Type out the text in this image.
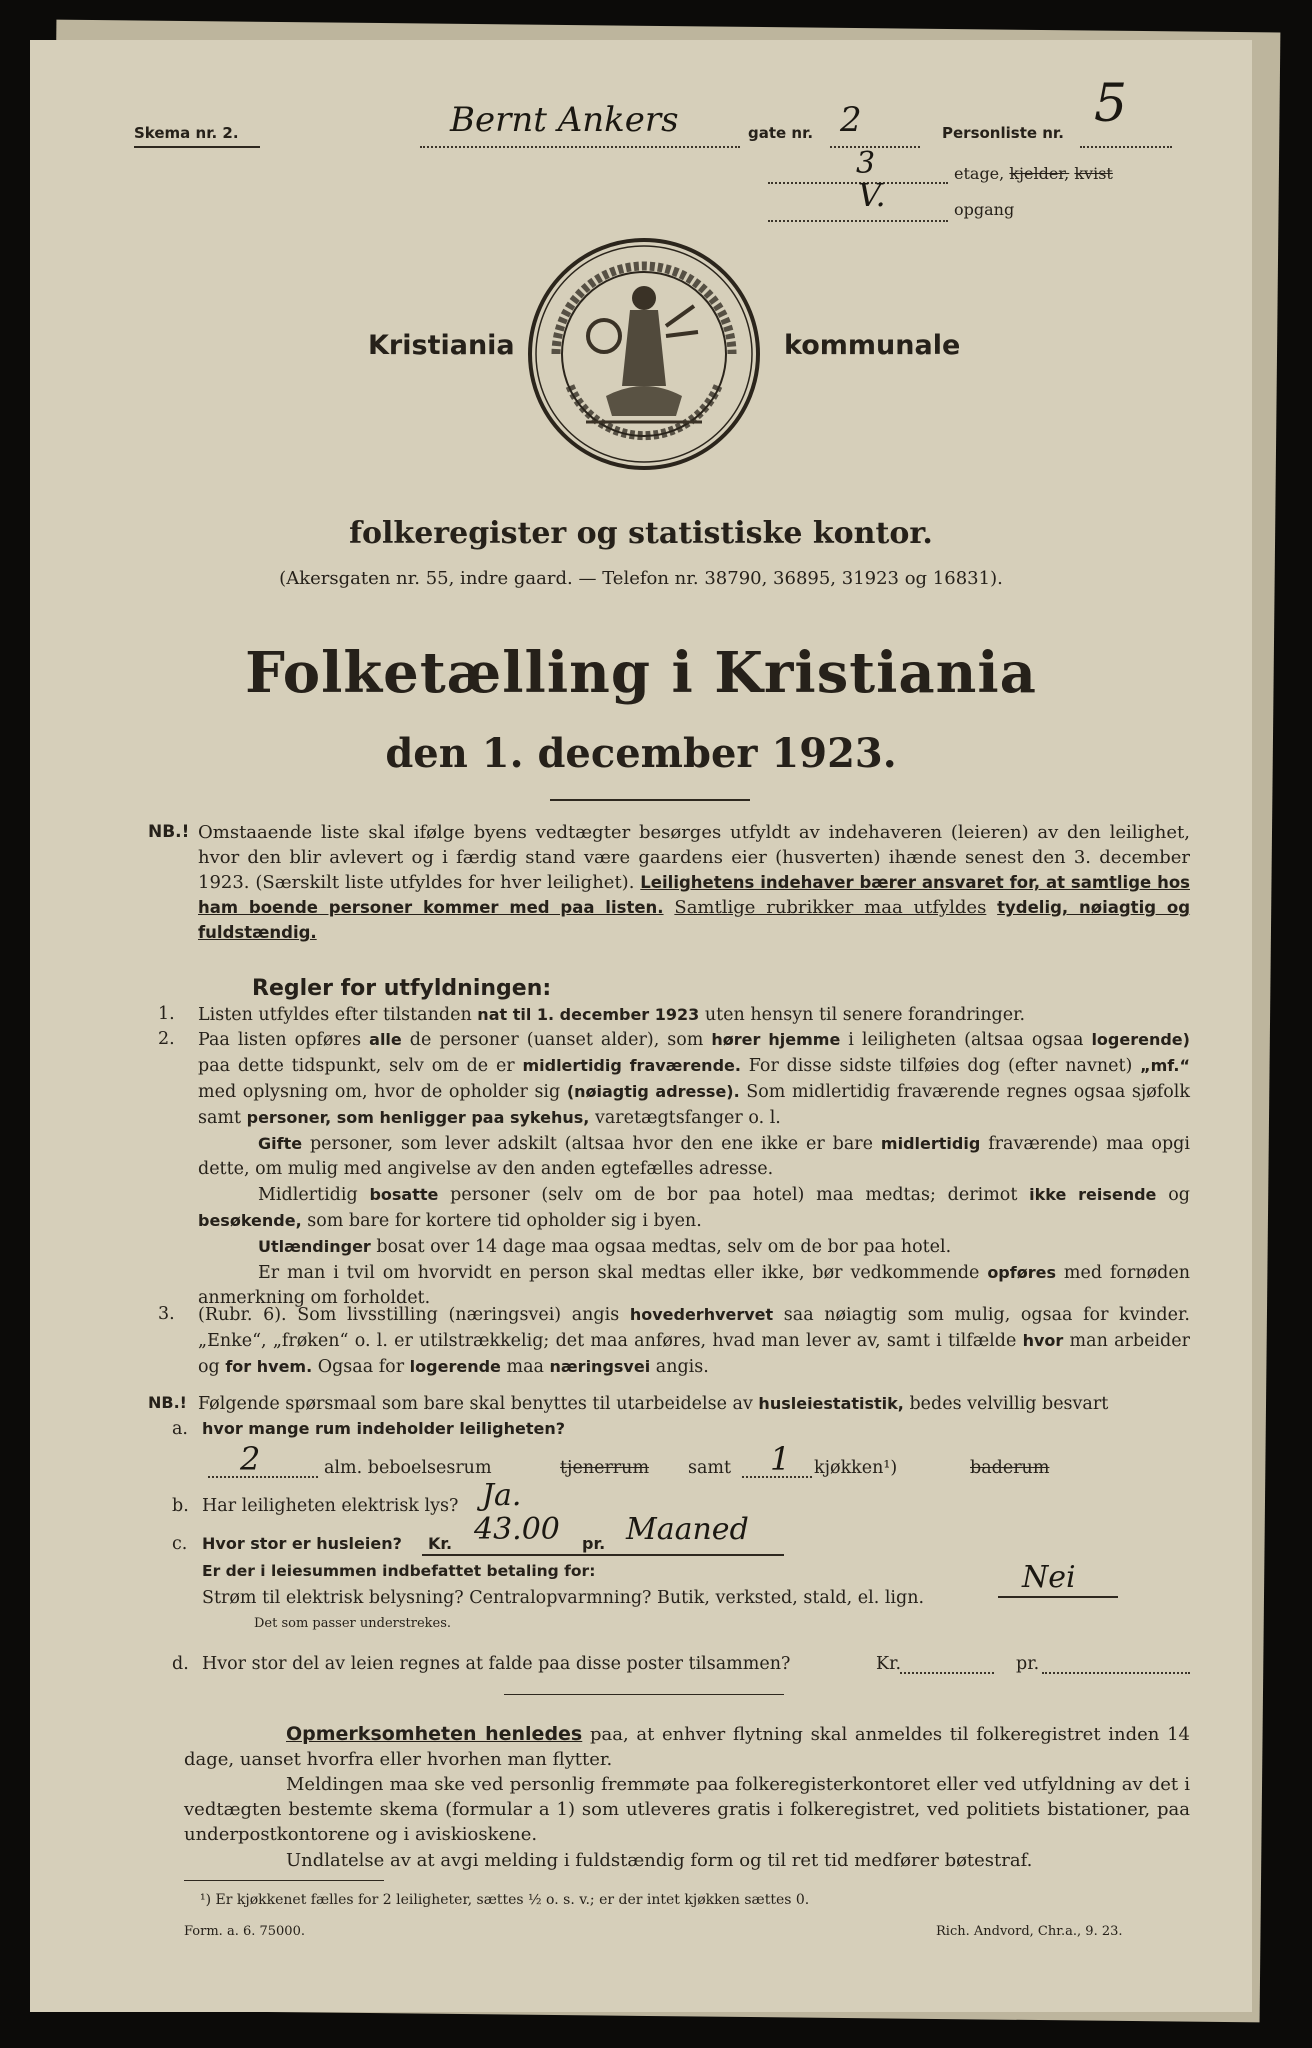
Skema nr. 2.	Bernt Ankers	gate nr. 2	Personliste nr. 5
3	etage, kjelder, kvist
V.	opgang
Kristiania	kommunale
folkeregister og statistiske kontor.
(Akersgaten nr. 55, indre gaard. — Telefon nr. 38790, 36895, 31923 og 16831).
Folketælling i Kristiania
den 1. december 1923.
NB.! Omstaaende liste skal ifølge byens vedtægter besørges utfyldt av indehaveren (leieren) av den leilighet, hvor den blir avlevert og i færdig stand være gaardens eier (husverten) ihænde senest den 3. december 1923. (Særskilt liste utfyldes for hver leilighet). Leilighetens indehaver bærer ansvaret for, at samtlige hos ham boende personer kommer med paa listen. Samtlige rubrikker maa utfyldes tydelig, nøiagtig og fuldstændig.
Regler for utfyldningen:
1. Listen utfyldes efter tilstanden nat til 1. december 1923 uten hensyn til senere forandringer.
2. Paa listen opføres alle de personer (uanset alder), som hører hjemme i leiligheten (altsaa ogsaa logerende) paa dette tidspunkt, selv om de er midlertidig fraværende. For disse sidste tilføies dog (efter navnet) „mf.“ med oplysning om, hvor de opholder sig (nøiagtig adresse). Som midlertidig fraværende regnes ogsaa sjøfolk samt personer, som henligger paa sykehus, varetægtsfanger o. l.
Gifte personer, som lever adskilt (altsaa hvor den ene ikke er bare midlertidig fraværende) maa opgi dette, om mulig med angivelse av den anden egtefælles adresse.
Midlertidig bosatte personer (selv om de bor paa hotel) maa medtas; derimot ikke reisende og besøkende, som bare for kortere tid opholder sig i byen.
Utlændinger bosat over 14 dage maa ogsaa medtas, selv om de bor paa hotel.
Er man i tvil om hvorvidt en person skal medtas eller ikke, bør vedkommende opføres med fornøden anmerkning om forholdet.
3. (Rubr. 6). Som livsstilling (næringsvei) angis hovederhvervet saa nøiagtig som mulig, ogsaa for kvinder. „Enke“, „frøken“ o. l. er utilstrækkelig; det maa anføres, hvad man lever av, samt i tilfælde hvor man arbeider og for hvem. Ogsaa for logerende maa næringsvei angis.
NB.! Følgende spørsmaal som bare skal benyttes til utarbeidelse av husleiestatistik, bedes velvillig besvart
a. hvor mange rum indeholder leiligheten?
2	alm. beboelsesrum	tjenerrum samt 1 kjøkken¹)	baderum
b. Har leiligheten elektrisk lys? Ja.
c. Hvor stor er husleien? Kr. 43.00 pr. Maaned
Er der i leiesummen indbefattet betaling for:
Strøm til elektrisk belysning? Centralopvarmning? Butik, verksted, stald, el. lign.
Nei
Det som passer understrekes.
d. Hvor stor del av leien regnes at falde paa disse poster tilsammen?	Kr.	pr.
Opmerksomheten henledes paa, at enhver flytning skal anmeldes til folkeregistret inden 14 dage, uanset hvorfra eller hvorhen man flytter.
Meldingen maa ske ved personlig fremmøte paa folkeregisterkontoret eller ved utfyldning av det i vedtægten bestemte skema (formular a 1) som utleveres gratis i folkeregistret, ved politiets bistationer, paa underpostkontorene og i aviskioskene.
Undlatelse av at avgi melding i fuldstændig form og til ret tid medfører bøtestraf.
¹) Er kjøkkenet fælles for 2 leiligheter, sættes ½ o. s. v.; er der intet kjøkken sættes 0.
Form. a. 6. 75000.	Rich. Andvord, Chr.a., 9. 23.
